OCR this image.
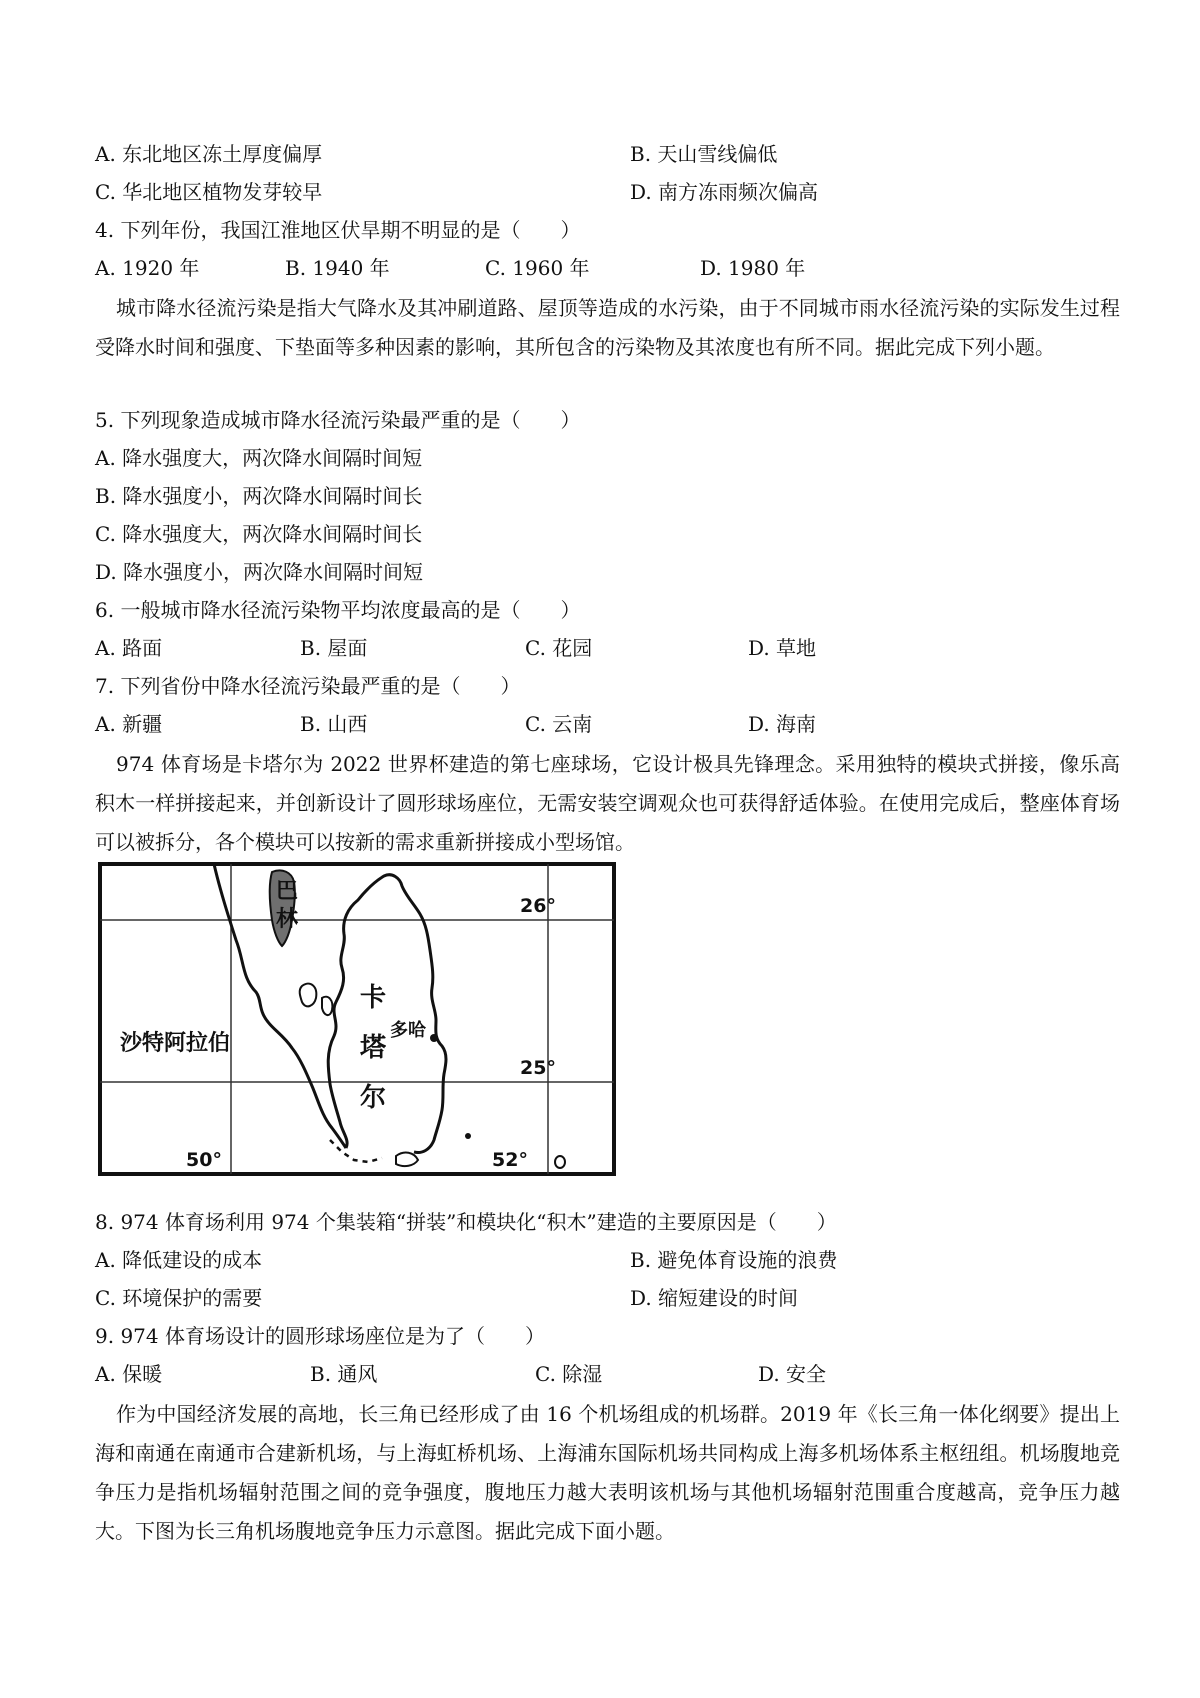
A. 东北地区冻土厚度偏厚	B. 天山雪线偏低
C. 华北地区植物发芽较早	D. 南方冻雨频次偏高
4. 下列年份，我国江淮地区伏旱期不明显的是（　　）
A. 1920 年	B. 1940 年	C. 1960 年	D. 1980 年
城市降水径流污染是指大气降水及其冲刷道路、屋顶等造成的水污染，由于不同城市雨水径流污染的实际发生过程受降水时间和强度、下垫面等多种因素的影响，其所包含的污染物及其浓度也有所不同。据此完成下列小题。
5. 下列现象造成城市降水径流污染最严重的是（　　）
A. 降水强度大，两次降水间隔时间短
B. 降水强度小，两次降水间隔时间长
C. 降水强度大，两次降水间隔时间长
D. 降水强度小，两次降水间隔时间短
6. 一般城市降水径流污染物平均浓度最高的是（　　）
A. 路面	B. 屋面	C. 花园	D. 草地
7. 下列省份中降水径流污染最严重的是（　　）
A. 新疆	B. 山西	C. 云南	D. 海南
974 体育场是卡塔尔为 2022 世界杯建造的第七座球场，它设计极具先锋理念。采用独特的模块式拼接，像乐高积木一样拼接起来，并创新设计了圆形球场座位，无需安装空调观众也可获得舒适体验。在使用完成后，整座体育场可以被拆分，各个模块可以按新的需求重新拼接成小型场馆。
巴
林
卡
塔
尔
多哈
沙特阿拉伯
26°
25°
50°	52°
8. 974 体育场利用 974 个集装箱“拼装”和模块化“积木”建造的主要原因是（　　）
A. 降低建设的成本	B. 避免体育设施的浪费
C. 环境保护的需要	D. 缩短建设的时间
9. 974 体育场设计的圆形球场座位是为了（　　）
A. 保暖	B. 通风	C. 除湿	D. 安全
作为中国经济发展的高地，长三角已经形成了由 16 个机场组成的机场群。2019 年《长三角一体化纲要》提出上海和南通在南通市合建新机场，与上海虹桥机场、上海浦东国际机场共同构成上海多机场体系主枢纽组。机场腹地竞争压力是指机场辐射范围之间的竞争强度，腹地压力越大表明该机场与其他机场辐射范围重合度越高，竞争压力越大。下图为长三角机场腹地竞争压力示意图。据此完成下面小题。
